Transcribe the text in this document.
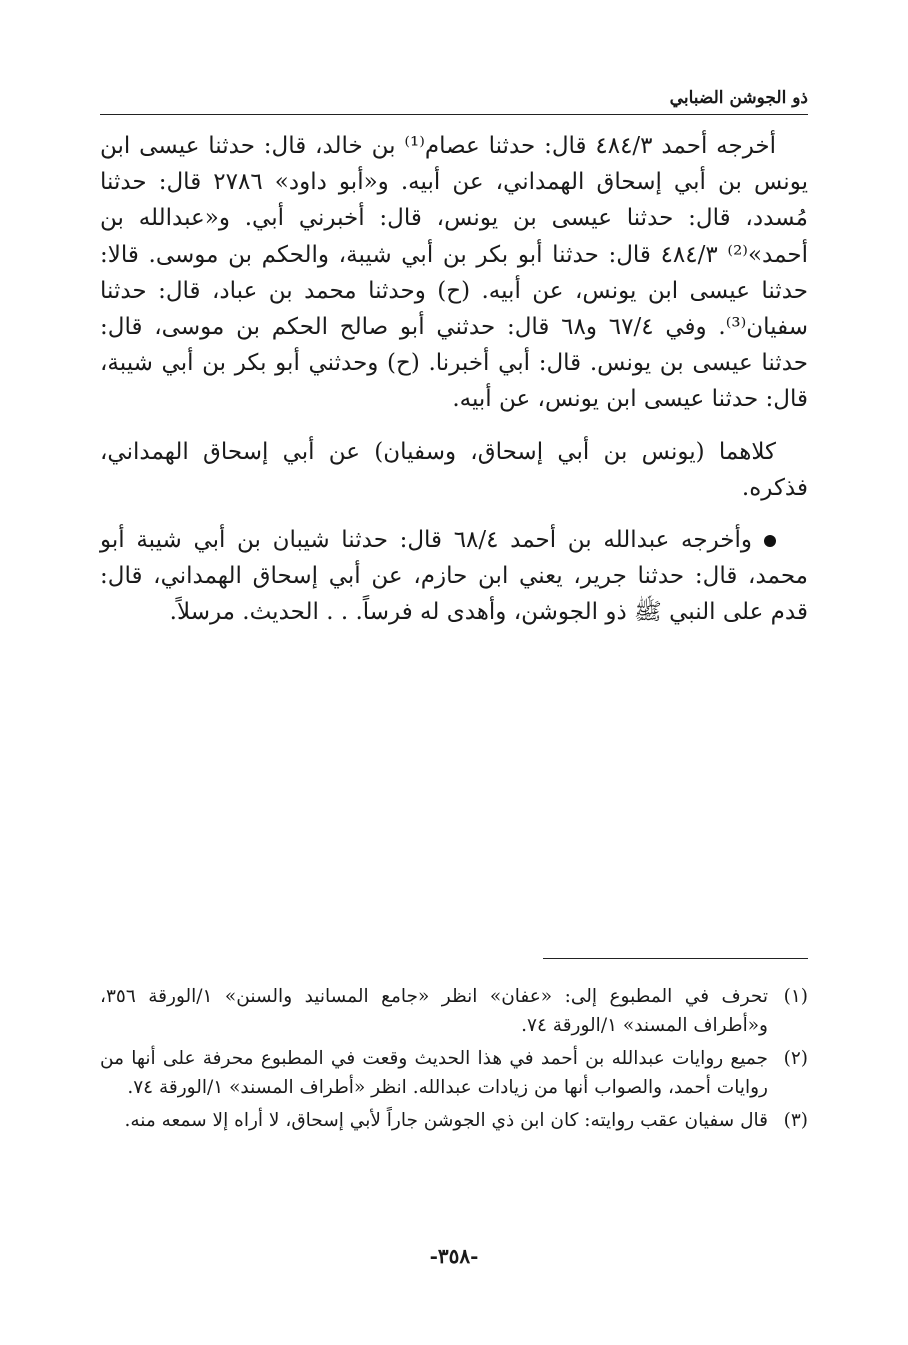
ذو الجوشن الضبابي

أخرجه أحمد ٤٨٤/٣ قال: حدثنا عصام⁽¹⁾ بن خالد، قال: حدثنا عيسى ابن يونس بن أبي إسحاق الهمداني، عن أبيه. و«أبو داود» ٢٧٨٦ قال: حدثنا مُسدد، قال: حدثنا عيسى بن يونس، قال: أخبرني أبي. و«عبدالله بن أحمد»⁽²⁾ ٤٨٤/٣ قال: حدثنا أبو بكر بن أبي شيبة، والحكم بن موسى. قالا: حدثنا عيسى ابن يونس، عن أبيه. (ح) وحدثنا محمد بن عباد، قال: حدثنا سفيان⁽³⁾. وفي ٦٧/٤ و٦٨ قال: حدثني أبو صالح الحكم بن موسى، قال: حدثنا عيسى بن يونس. قال: أبي أخبرنا. (ح) وحدثني أبو بكر بن أبي شيبة، قال: حدثنا عيسى ابن يونس، عن أبيه.

كلاهما (يونس بن أبي إسحاق، وسفيان) عن أبي إسحاق الهمداني، فذكره.

وأخرجه عبدالله بن أحمد ٦٨/٤ قال: حدثنا شيبان بن أبي شيبة أبو محمد، قال: حدثنا جرير، يعني ابن حازم، عن أبي إسحاق الهمداني، قال: قدم على النبي ﷺ ذو الجوشن، وأهدى له فرساً. . . الحديث. مرسلاً.

(١)
تحرف في المطبوع إلى: «عفان» انظر «جامع المسانيد والسنن» ١/الورقة ٣٥٦، و«أطراف المسند» ١/الورقة ٧٤.
(٢)
جميع روايات عبدالله بن أحمد في هذا الحديث وقعت في المطبوع محرفة على أنها من روايات أحمد، والصواب أنها من زيادات عبدالله. انظر «أطراف المسند» ١/الورقة ٧٤.
(٣)
قال سفيان عقب روايته: كان ابن ذي الجوشن جاراً لأبي إسحاق، لا أراه إلا سمعه منه.
-٣٥٨-
